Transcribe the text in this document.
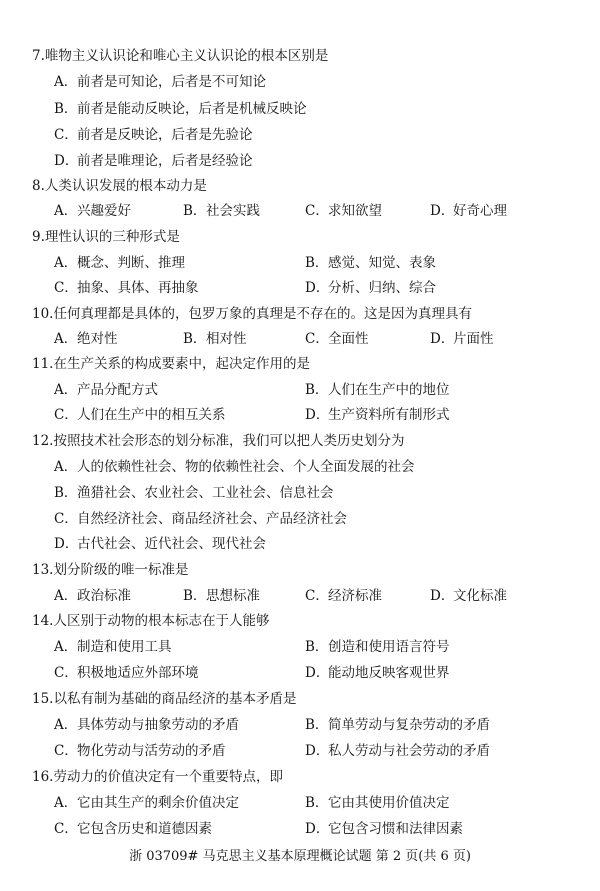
7.唯物主义认识论和唯心主义认识论的根本区别是
A．前者是可知论，后者是不可知论
B．前者是能动反映论，后者是机械反映论
C．前者是反映论，后者是先验论
D．前者是唯理论，后者是经验论
8.人类认识发展的根本动力是
A．兴趣爱好	B．社会实践	C．求知欲望	D．好奇心理
9.理性认识的三种形式是
A．概念、判断、推理	B．感觉、知觉、表象
C．抽象、具体、再抽象	D．分析、归纳、综合
10.任何真理都是具体的，包罗万象的真理是不存在的。这是因为真理具有
A．绝对性	B．相对性	C．全面性	D．片面性
11.在生产关系的构成要素中，起决定作用的是
A．产品分配方式	B．人们在生产中的地位
C．人们在生产中的相互关系	D．生产资料所有制形式
12.按照技术社会形态的划分标准，我们可以把人类历史划分为
A．人的依赖性社会、物的依赖性社会、个人全面发展的社会
B．渔猎社会、农业社会、工业社会、信息社会
C．自然经济社会、商品经济社会、产品经济社会
D．古代社会、近代社会、现代社会
13.划分阶级的唯一标准是
A．政治标准	B．思想标准	C．经济标准	D．文化标准
14.人区别于动物的根本标志在于人能够
A．制造和使用工具	B．创造和使用语言符号
C．积极地适应外部环境	D．能动地反映客观世界
15.以私有制为基础的商品经济的基本矛盾是
A．具体劳动与抽象劳动的矛盾	B．简单劳动与复杂劳动的矛盾
C．物化劳动与活劳动的矛盾	D．私人劳动与社会劳动的矛盾
16.劳动力的价值决定有一个重要特点，即
A．它由其生产的剩余价值决定	B．它由其使用价值决定
C．它包含历史和道德因素	D．它包含习惯和法律因素
浙 03709# 马克思主义基本原理概论试题 第 2 页(共 6 页)
